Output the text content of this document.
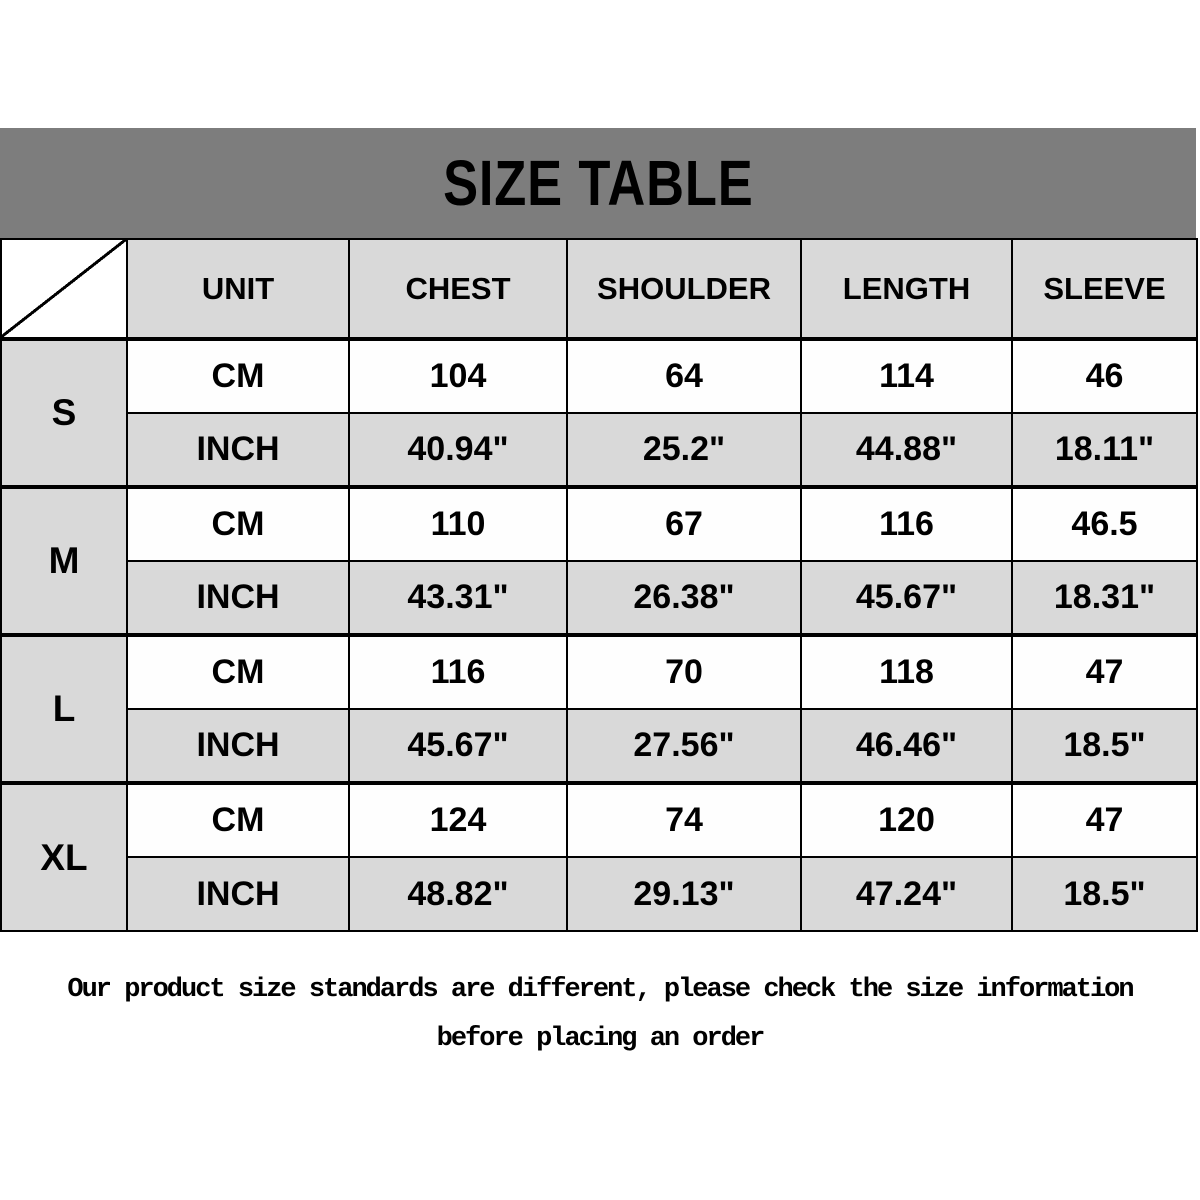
SIZE TABLE
	UNIT	CHEST	SHOULDER	LENGTH	SLEEVE
S	CM	104	64	114	46
	INCH	40.94"	25.2"	44.88"	18.11"
M	CM	110	67	116	46.5
	INCH	43.31"	26.38"	45.67"	18.31"
L	CM	116	70	118	47
	INCH	45.67"	27.56"	46.46"	18.5"
XL	CM	124	74	120	47
	INCH	48.82"	29.13"	47.24"	18.5"
Our product size standards are different, please check the size information before placing an order
